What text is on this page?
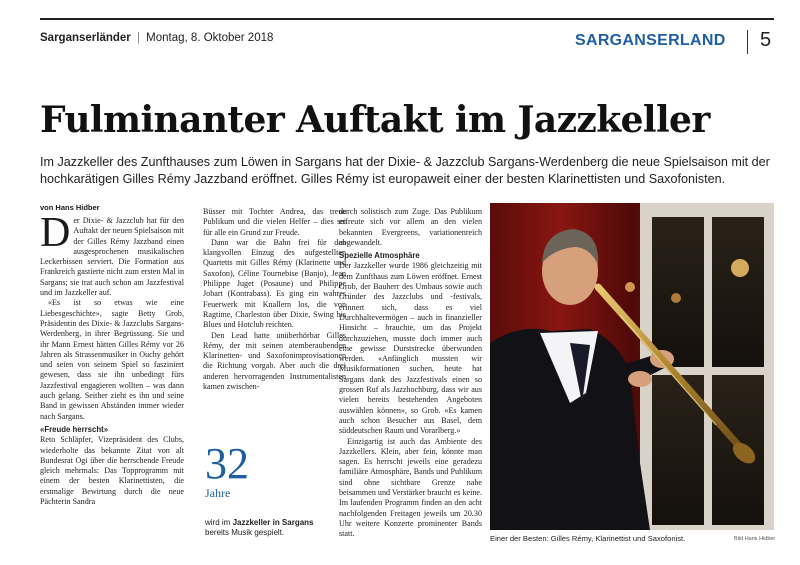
Sarganserländer | Montag, 8. Oktober 2018	SARGANSERLAND 5
Fulminanter Auftakt im Jazzkeller
Im Jazzkeller des Zunfthauses zum Löwen in Sargans hat der Dixie- & Jazzclub Sargans-Werdenberg die neue Spielsaison mit der hochkarätigen Gilles Rémy Jazzband eröffnet. Gilles Rémy ist europaweit einer der besten Klarinettisten und Saxofonisten.
von Hans Hidber
D er Dixie- & Jazzclub hat für den Auftakt der neuen Spielsaison mit der Gilles Rémy Jazzband einen ausgesprochenen musikalischen Leckerbissen serviert. Die Formation aus Frankreich gastierte nicht zum ersten Mal in Sargans; sie trat auch schon am Jazzfestival und im Jazzkeller auf.

«Es ist so etwas wie eine Liebesgeschichte», sagte Betty Grob, Präsidentin des Dixie- & Jazzclubs Sargans-Werdenberg, in ihrer Begrüssung. Sie und ihr Mann Ernest hätten Gilles Rémy vor 26 Jahren als Strassenmusiker in Ouchy gehört und seien von seinem Spiel so fasziniert gewesen, dass sie ihn unbedingt fürs Jazzfestival engagieren wollten – was dann auch gelang. Seither zieht es ihn und seine Band in gewissen Abständen immer wieder nach Sargans.

«Freude herrscht»

Reto Schläpfer, Vizepräsident des Clubs, wiederholte das bekannte Zitat von alt Bundesrat Ogi über die herrschende Freude gleich mehrmals: Das Topprogramm mit einem der besten Klarinettisten, die erstmalige Bewirtung durch die neue Pächterin Sandra

Büsser mit Tochter Andrea, das treue Publikum und die vielen Helfer – dies sei für alle ein Grund zur Freude.

Dann war die Bahn frei für den klangvollen Einzug des aufgestellten Quartetts mit Gilles Rémy (Klarinette und Saxofon), Céline Tournebise (Banjo), Jean Philippe Juget (Posaune) und Philippe Jobart (Kontrabass). Es ging ein wahres Feuerwerk mit Knallern los, die von Ragtime, Charleston über Dixie, Swing bis Blues und Hotclub reichten.

Den Lead hatte unüberhörbar Gilles Rémy, der mit seinen atemberaubenden Klarinetten- und Saxofonimprovisationen die Richtung vorgab. Aber auch die drei anderen hervorragenden Instrumentalisten kamen zwischen-

32
Jahre
wird im Jazzkeller in Sargans bereits Musik gespielt.

durch solistisch zum Zuge. Das Publikum erfreute sich vor allem an den vielen bekannten Evergreens, variationenreich abgewandelt.

Spezielle Atmosphäre

Der Jazzkeller wurde 1986 gleichzeitig mit dem Zunfthaus zum Löwen eröffnet. Ernest Grob, der Bauherr des Umbaus sowie auch Gründer des Jazzclubs und -festivals, erinnert sich, dass es viel Durchhaltevermögen – auch in finanzieller Hinsicht – brauchte, um das Projekt durchzuziehen, musste doch immer auch eine gewisse Durststrecke überwunden werden. «Anfänglich mussten wir Musikformationen suchen, heute hat Sargans dank des Jazzfestivals einen so grossen Ruf als Jazzhochburg, dass wir aus vielen bereits bestehenden Angeboten auswählen können», so Grob. «Es kamen auch schon Besucher aus Basel, dem süddeutschen Raum und Vorarlberg.»

Einzigartig ist auch das Ambiente des Jazzkellers. Klein, aber fein, könnte man sagen. Es herrscht jeweils eine geradezu familiäre Atmosphäre, Bands und Publikum sind ohne sichtbare Grenze nahe beisammen und Verstärker braucht es keine. Im laufenden Programm finden an den acht nachfolgenden Freitagen jeweils um 20.30 Uhr weitere Konzerte prominenter Bands statt.

Einer der Besten: Gilles Rémy, Klarinettist und Saxofonist.	Bild Hans Hidber
